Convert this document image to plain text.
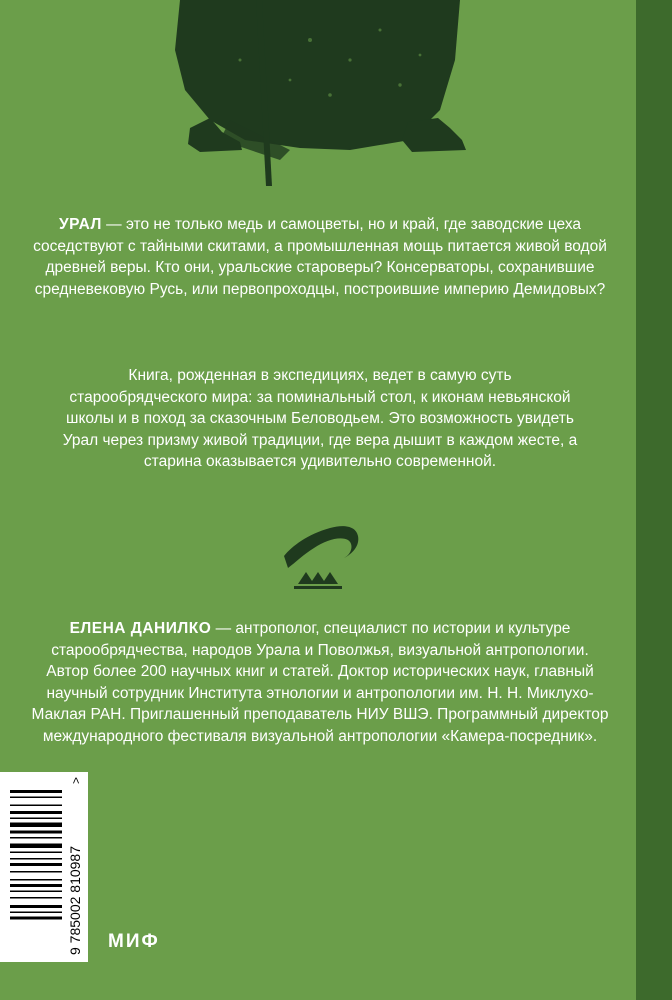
УРАЛ — это не только медь и самоцветы, но и край, где заводские цеха соседствуют с тайными скитами, а промышленная мощь питается живой водой древней веры. Кто они, уральские староверы? Консерваторы, сохранившие средневековую Русь, или первопроходцы, построившие империю Демидовых?

Книга, рожденная в экспедициях, ведет в самую суть старообрядческого мира: за поминальный стол, к иконам невьянской школы и в поход за сказочным Беловодьем. Это возможность увидеть Урал через призму живой традиции, где вера дышит в каждом жесте, а старина оказывается удивительно современной.

ЕЛЕНА ДАНИЛКО — антрополог, специалист по истории и культуре старообрядчества, народов Урала и Поволжья, визуальной антропологии. Автор более 200 научных книг и статей. Доктор исторических наук, главный научный сотрудник Института этнологии и антропологии им. Н. Н. Миклухо-Маклая РАН. Приглашенный преподаватель НИУ ВШЭ. Программный директор международного фестиваля визуальной антропологии «Камера-посредник».

9 785002 810987
>
МИФ
